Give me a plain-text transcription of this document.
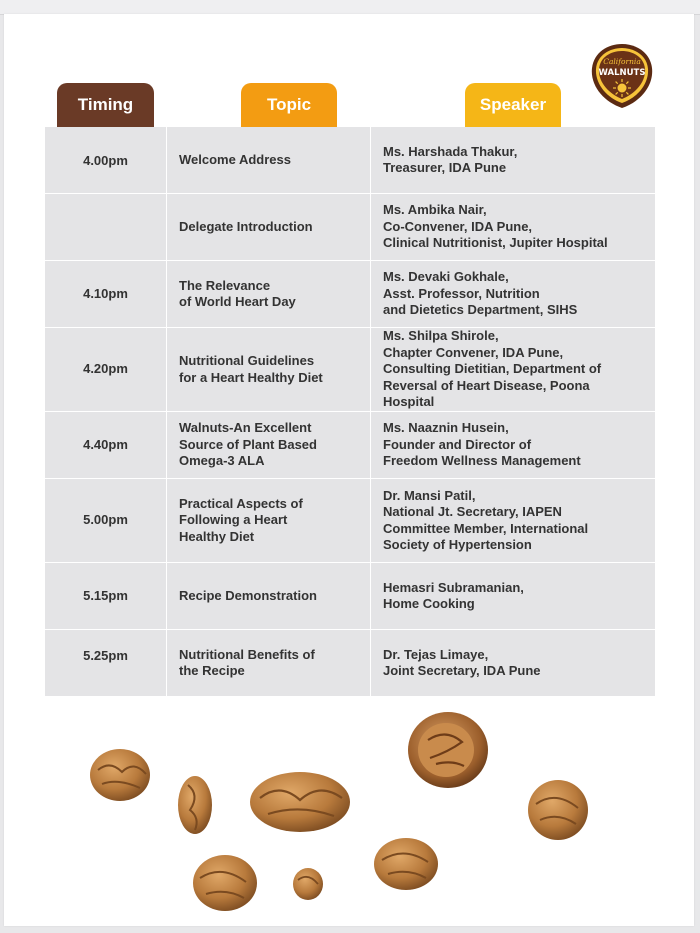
California
WALNUTS
Timing	Topic	Speaker
4.00pm	Welcome Address	Ms. Harshada Thakur,
Treasurer, IDA Pune
	Delegate Introduction	Ms. Ambika Nair,
Co-Convener, IDA Pune,
Clinical Nutritionist, Jupiter Hospital
4.10pm	The Relevance
of World Heart Day	Ms. Devaki Gokhale,
Asst. Professor, Nutrition
and Dietetics Department, SIHS
4.20pm	Nutritional Guidelines
for a Heart Healthy Diet	Ms. Shilpa Shirole,
Chapter Convener, IDA Pune,
Consulting Dietitian, Department of
Reversal of Heart Disease, Poona Hospital
4.40pm	Walnuts-An Excellent
Source of Plant Based
Omega-3 ALA	Ms. Naaznin Husein,
Founder and Director of
Freedom Wellness Management
5.00pm	Practical Aspects of
Following a Heart
Healthy Diet	Dr. Mansi Patil,
National Jt. Secretary, IAPEN
Committee Member, International
Society of Hypertension
5.15pm	Recipe Demonstration	Hemasri Subramanian,
Home Cooking
5.25pm	Nutritional Benefits of
the Recipe	Dr. Tejas Limaye,
Joint Secretary, IDA Pune
